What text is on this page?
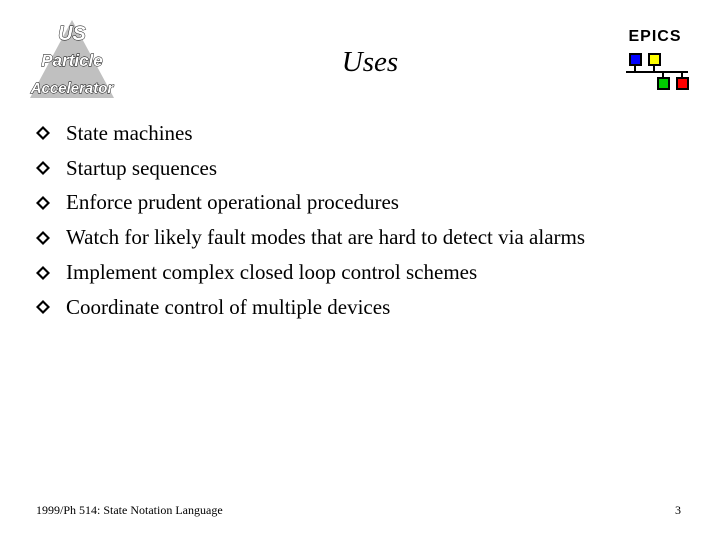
US
Particle
Accelerator
Uses
EPICS
State machines
Startup sequences
Enforce prudent operational procedures
Watch for likely fault modes that are hard to detect via alarms
Implement complex closed loop control schemes
Coordinate control of multiple devices
1999/Ph 514: State Notation Language	3
